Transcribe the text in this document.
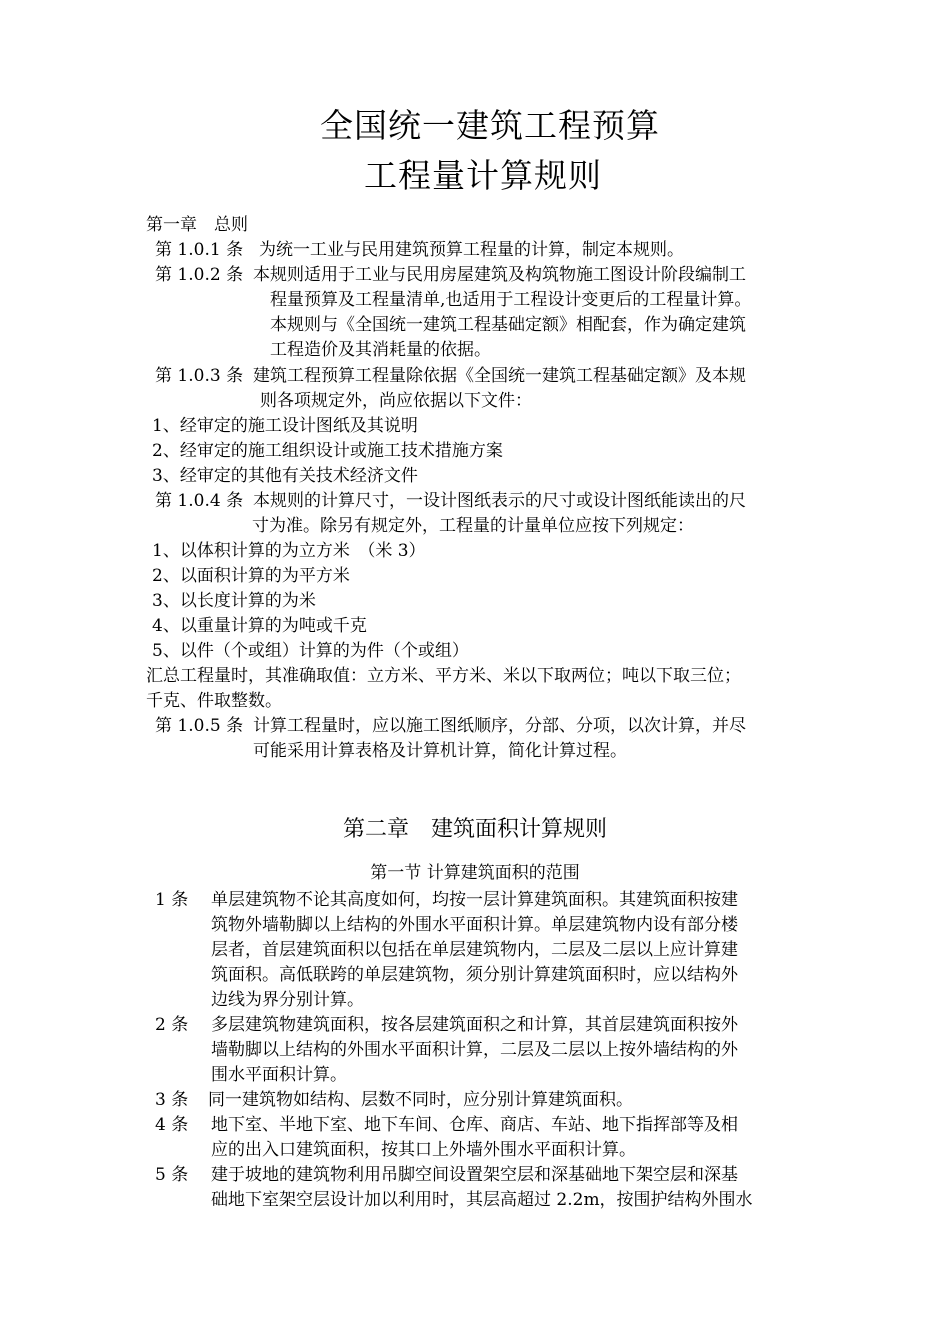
全国统一建筑工程预算
工程量计算规则
第一章　总则
第 1.0.1 条 为统一工业与民用建筑预算工程量的计算，制定本规则。
第 1.0.2 条 本规则适用于工业与民用房屋建筑及构筑物施工图设计阶段编制工
程量预算及工程量清单,也适用于工程设计变更后的工程量计算。
本规则与《全国统一建筑工程基础定额》相配套，作为确定建筑
工程造价及其消耗量的依据。
第 1.0.3 条 建筑工程预算工程量除依据《全国统一建筑工程基础定额》及本规
则各项规定外，尚应依据以下文件：
1、经审定的施工设计图纸及其说明
2、经审定的施工组织设计或施工技术措施方案
3、经审定的其他有关技术经济文件
第 1.0.4 条 本规则的计算尺寸，一设计图纸表示的尺寸或设计图纸能读出的尺
寸为准。除另有规定外，工程量的计量单位应按下列规定：
1、以体积计算的为立方米　（米 3）
2、以面积计算的为平方米
3、以长度计算的为米
4、以重量计算的为吨或千克
5、以件（个或组）计算的为件（个或组）
汇总工程量时，其准确取值：立方米、平方米、米以下取两位；吨以下取三位；
千克、件取整数。
第 1.0.5 条 计算工程量时，应以施工图纸顺序，分部、分项，以次计算，并尽
可能采用计算表格及计算机计算，简化计算过程。
第二章　建筑面积计算规则
第一节 计算建筑面积的范围
1 条 单层建筑物不论其高度如何，均按一层计算建筑面积。其建筑面积按建
筑物外墙勒脚以上结构的外围水平面积计算。单层建筑物内设有部分楼
层者，首层建筑面积以包括在单层建筑物内，二层及二层以上应计算建
筑面积。高低联跨的单层建筑物，须分别计算建筑面积时，应以结构外
边线为界分别计算。
2 条 多层建筑物建筑面积，按各层建筑面积之和计算，其首层建筑面积按外
墙勒脚以上结构的外围水平面积计算，二层及二层以上按外墙结构的外
围水平面积计算。
3 条 同一建筑物如结构、层数不同时，应分别计算建筑面积。
4 条 地下室、半地下室、地下车间、仓库、商店、车站、地下指挥部等及相
应的出入口建筑面积，按其口上外墙外围水平面积计算。
5 条 建于坡地的建筑物利用吊脚空间设置架空层和深基础地下架空层和深基
础地下室架空层设计加以利用时，其层高超过 2.2m，按围护结构外围水
